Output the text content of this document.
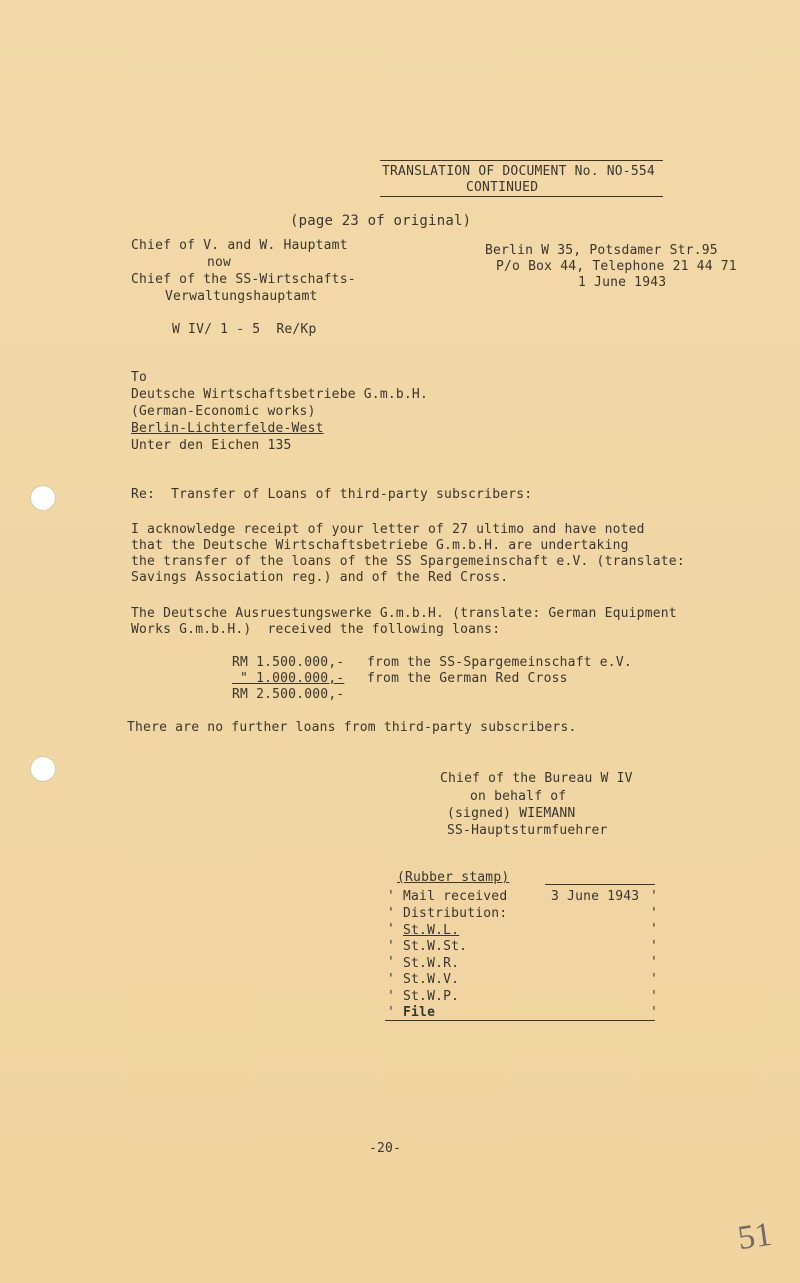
TRANSLATION OF DOCUMENT No. NO-554
CONTINUED
(page 23 of original)
Chief of V. and W. Hauptamt
now
Chief of the SS-Wirtschafts-
Verwaltungshauptamt
W IV/ 1 - 5  Re/Kp
Berlin W 35, Potsdamer Str.95
P/o Box 44, Telephone 21 44 71
1 June 1943
To
Deutsche Wirtschaftsbetriebe G.m.b.H.
(German-Economic works)
Berlin-Lichterfelde-West
Unter den Eichen 135
Re:  Transfer of Loans of third-party subscribers:
I acknowledge receipt of your letter of 27 ultimo and have noted
that the Deutsche Wirtschaftsbetriebe G.m.b.H. are undertaking
the transfer of the loans of the SS Spargemeinschaft e.V. (translate:
Savings Association reg.) and of the Red Cross.
The Deutsche Ausruestungswerke G.m.b.H. (translate: German Equipment
Works G.m.b.H.)  received the following loans:
RM 1.500.000,- from the SS-Spargemeinschaft e.V.
" 1.000.000,- from the German Red Cross
RM 2.500.000,-
There are no further loans from third-party subscribers.
Chief of the Bureau W IV
on behalf of
(signed) WIEMANN
SS-Hauptsturmfuehrer
(Rubber stamp)
Mail received	3 June 1943
Distribution:
St.W.L.
St.W.St.
St.W.R.
St.W.V.
St.W.P.
File
'
'
'
'
'
'
'
'
'
'
'
'
'
'
'
'
-20-
51
